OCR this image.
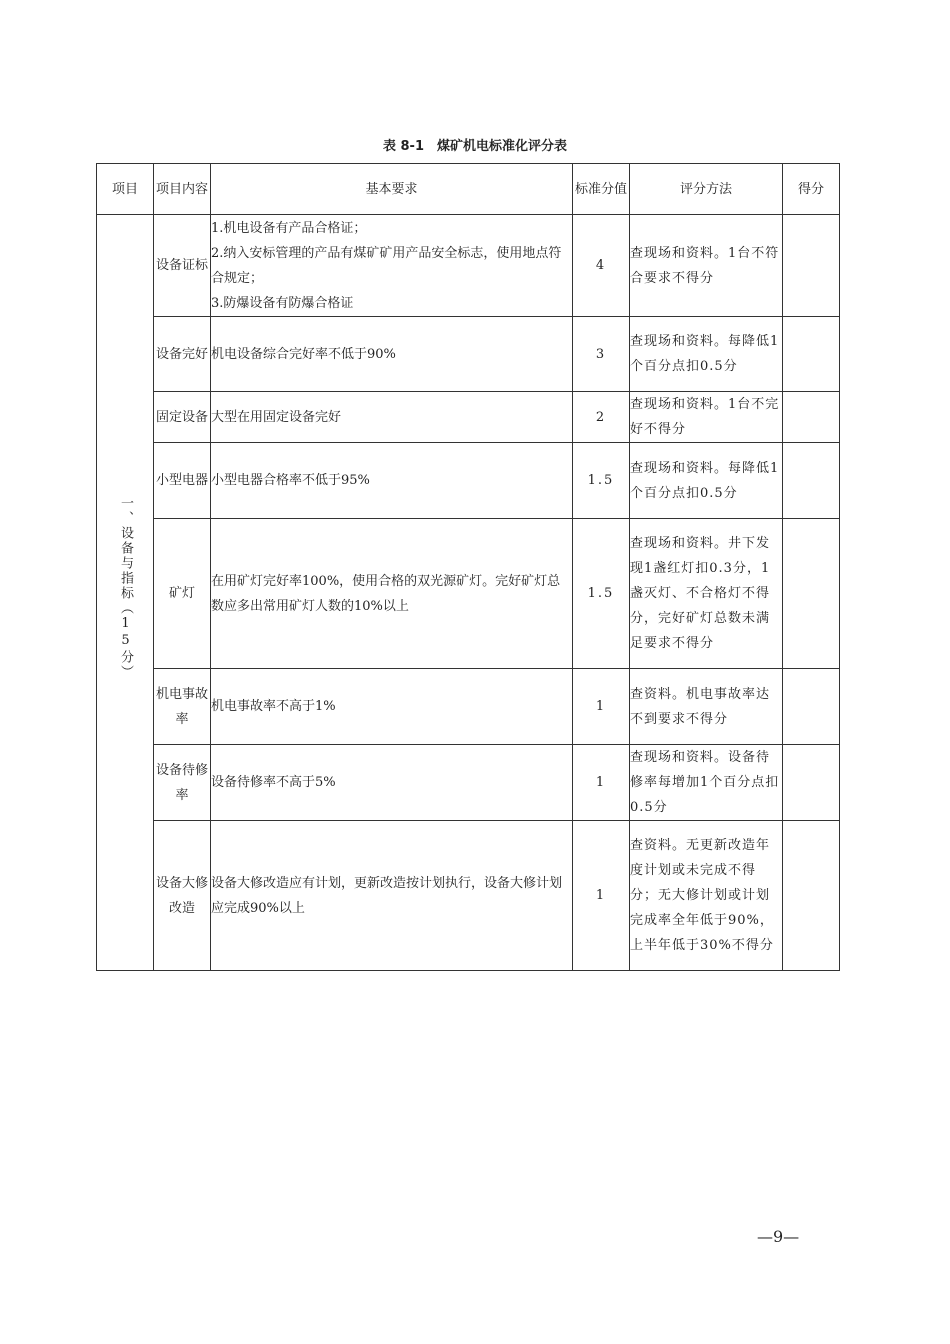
表 8-1　煤矿机电标准化评分表
项目	项目内容	基本要求	标准分值	评分方法	得分
一、设备与指标（15分）	设备证标	1.机电设备有产品合格证；
2.纳入安标管理的产品有煤矿矿用产品安全标志，使用地点符合规定；
3.防爆设备有防爆合格证	4	查现场和资料。1台不符合要求不得分	
	设备完好	机电设备综合完好率不低于90%	3	查现场和资料。每降低1个百分点扣0.5分	
	固定设备	大型在用固定设备完好	2	查现场和资料。1台不完好不得分	
	小型电器	小型电器合格率不低于95%	1.5	查现场和资料。每降低1个百分点扣0.5分	
	矿灯	在用矿灯完好率100%，使用合格的双光源矿灯。完好矿灯总数应多出常用矿灯人数的10%以上	1.5	查现场和资料。井下发现1盏红灯扣0.3分，1盏灭灯、不合格灯不得分，完好矿灯总数未满足要求不得分	
	机电事故率	机电事故率不高于1%	1	查资料。机电事故率达不到要求不得分	
	设备待修率	设备待修率不高于5%	1	查现场和资料。设备待修率每增加1个百分点扣0.5分	
	设备大修改造	设备大修改造应有计划，更新改造按计划执行，设备大修计划应完成90%以上	1	查资料。无更新改造年度计划或未完成不得分；无大修计划或计划完成率全年低于90%，上半年低于30%不得分	
—9—
